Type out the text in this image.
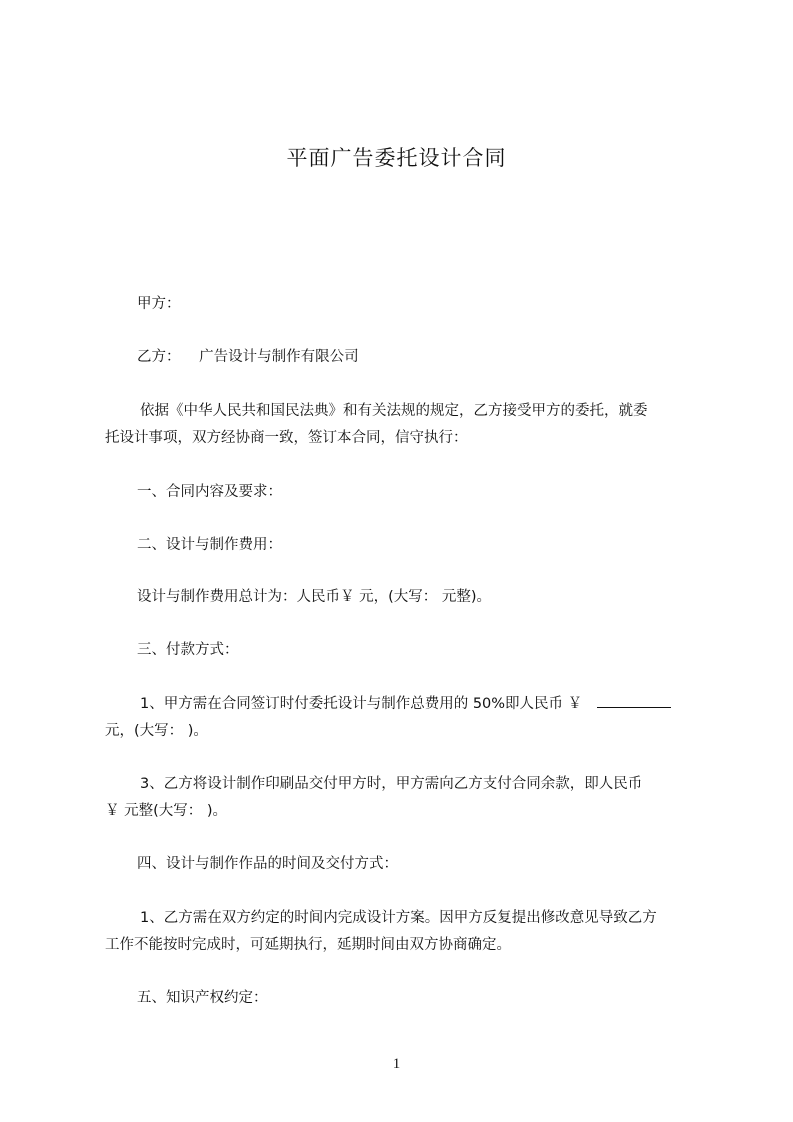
平面广告委托设计合同
甲方：
乙方： 广告设计与制作有限公司
依据《中华人民共和国民法典》和有关法规的规定，乙方接受甲方的委托，就委
托设计事项，双方经协商一致，签订本合同，信守执行：
一、合同内容及要求：
二、设计与制作费用：
设计与制作费用总计为：人民币￥ 元，(大写： 元整)。
三、付款方式：
1、甲方需在合同签订时付委托设计与制作总费用的 50%即人民币 ￥
元，(大写： )。
3、乙方将设计制作印刷品交付甲方时，甲方需向乙方支付合同余款，即人民币
￥ 元整(大写： )。
四、设计与制作作品的时间及交付方式：
1、乙方需在双方约定的时间内完成设计方案。因甲方反复提出修改意见导致乙方
工作不能按时完成时，可延期执行，延期时间由双方协商确定。
五、知识产权约定：
1
